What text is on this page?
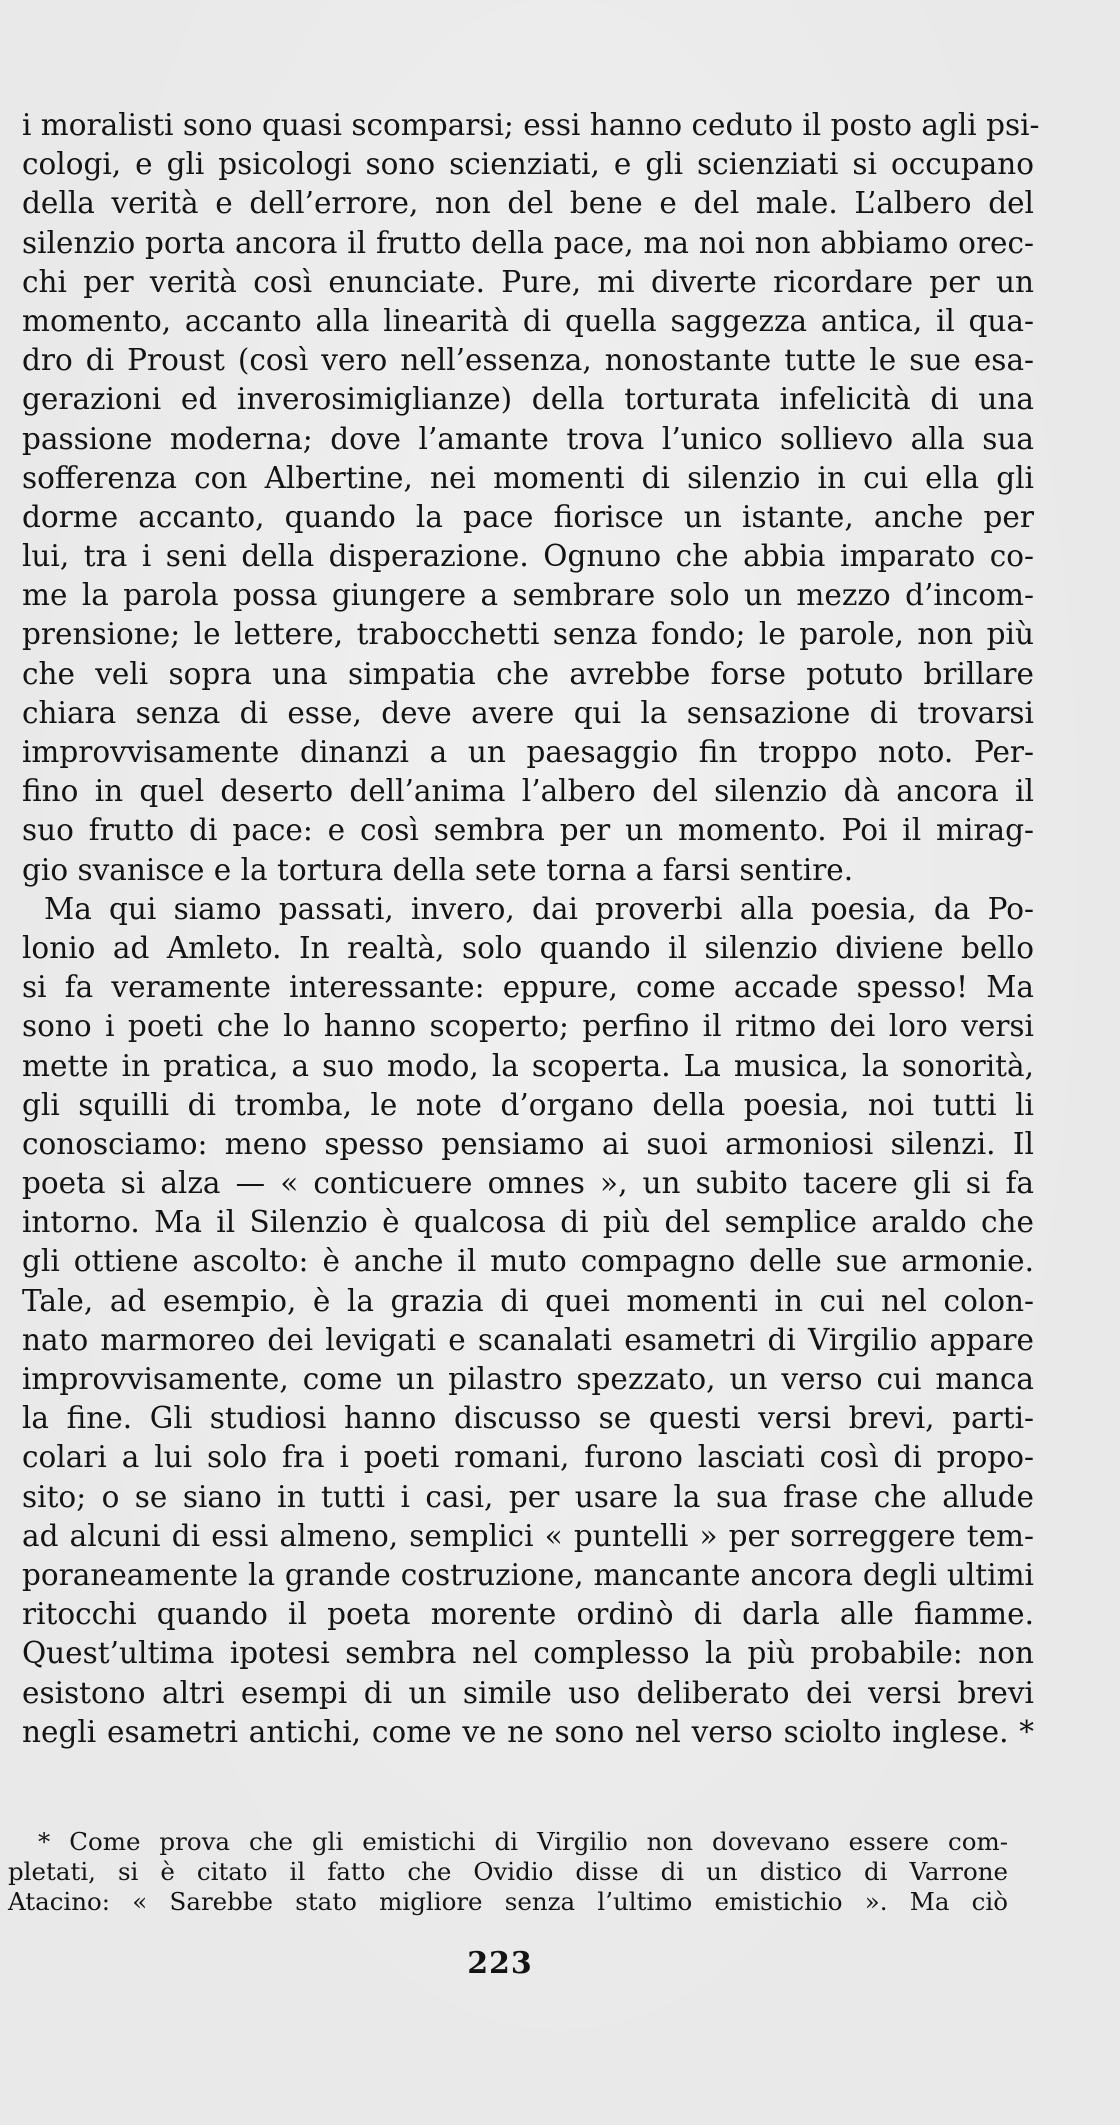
i moralisti sono quasi scomparsi; essi hanno ceduto il posto agli psi-
cologi, e gli psicologi sono scienziati, e gli scienziati si occupano
della verità e dell’errore, non del bene e del male. L’albero del
silenzio porta ancora il frutto della pace, ma noi non abbiamo orec-
chi per verità così enunciate. Pure, mi diverte ricordare per un
momento, accanto alla linearità di quella saggezza antica, il qua-
dro di Proust (così vero nell’essenza, nonostante tutte le sue esa-
gerazioni ed inverosimiglianze) della torturata infelicità di una
passione moderna; dove l’amante trova l’unico sollievo alla sua
sofferenza con Albertine, nei momenti di silenzio in cui ella gli
dorme accanto, quando la pace fiorisce un istante, anche per
lui, tra i seni della disperazione. Ognuno che abbia imparato co-
me la parola possa giungere a sembrare solo un mezzo d’incom-
prensione; le lettere, trabocchetti senza fondo; le parole, non più
che veli sopra una simpatia che avrebbe forse potuto brillare
chiara senza di esse, deve avere qui la sensazione di trovarsi
improvvisamente dinanzi a un paesaggio fin troppo noto. Per-
fino in quel deserto dell’anima l’albero del silenzio dà ancora il
suo frutto di pace: e così sembra per un momento. Poi il mirag-
gio svanisce e la tortura della sete torna a farsi sentire.
Ma qui siamo passati, invero, dai proverbi alla poesia, da Po-
lonio ad Amleto. In realtà, solo quando il silenzio diviene bello
si fa veramente interessante: eppure, come accade spesso! Ma
sono i poeti che lo hanno scoperto; perfino il ritmo dei loro versi
mette in pratica, a suo modo, la scoperta. La musica, la sonorità,
gli squilli di tromba, le note d’organo della poesia, noi tutti li
conosciamo: meno spesso pensiamo ai suoi armoniosi silenzi. Il
poeta si alza — « conticuere omnes », un subito tacere gli si fa
intorno. Ma il Silenzio è qualcosa di più del semplice araldo che
gli ottiene ascolto: è anche il muto compagno delle sue armonie.
Tale, ad esempio, è la grazia di quei momenti in cui nel colon-
nato marmoreo dei levigati e scanalati esametri di Virgilio appare
improvvisamente, come un pilastro spezzato, un verso cui manca
la fine. Gli studiosi hanno discusso se questi versi brevi, parti-
colari a lui solo fra i poeti romani, furono lasciati così di propo-
sito; o se siano in tutti i casi, per usare la sua frase che allude
ad alcuni di essi almeno, semplici « puntelli » per sorreggere tem-
poraneamente la grande costruzione, mancante ancora degli ultimi
ritocchi quando il poeta morente ordinò di darla alle fiamme.
Quest’ultima ipotesi sembra nel complesso la più probabile: non
esistono altri esempi di un simile uso deliberato dei versi brevi
negli esametri antichi, come ve ne sono nel verso sciolto inglese. *
* Come prova che gli emistichi di Virgilio non dovevano essere com-
pletati, si è citato il fatto che Ovidio disse di un distico di Varrone
Atacino: « Sarebbe stato migliore senza l’ultimo emistichio ». Ma ciò
223
